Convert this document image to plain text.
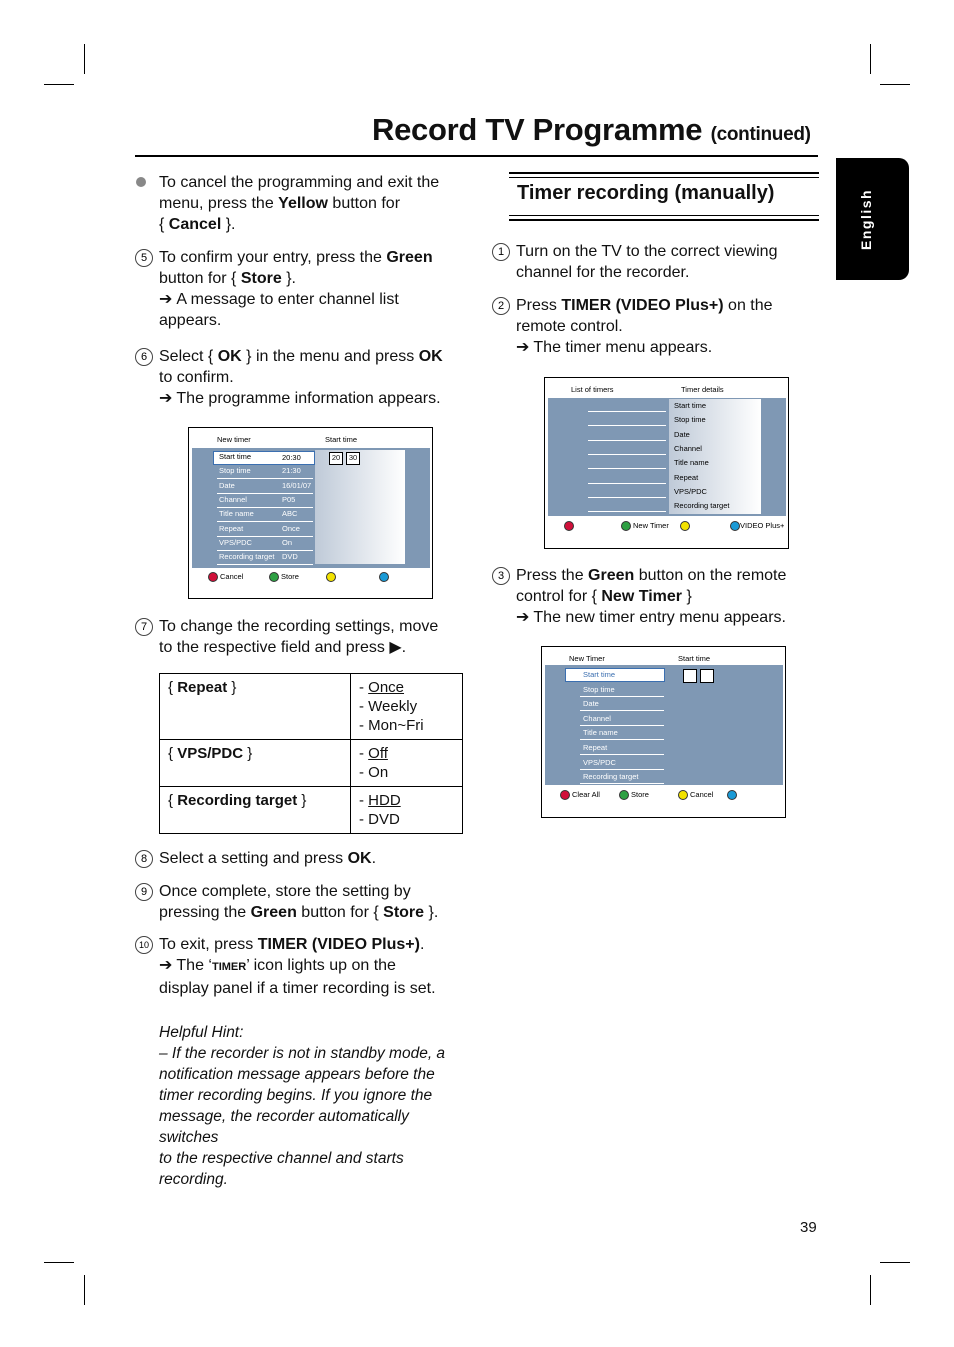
Record TV Programme (continued)
English
To cancel the programming and exit the
menu, press the Yellow button for
{ Cancel }.
5 To confirm your entry, press the Green
button for { Store }.
➔ A message to enter channel list
appears.
6 Select { OK } in the menu and press OK
to confirm.
➔ The programme information appears.
New timer	Start time
20	30
Cancel	Store
Start time	20:30
Stop time	21:30
Date	16/01/07
Channel	P05
Title name	ABC
Repeat	Once
VPS/PDC	On
Recording target DVD
7 To change the recording settings, move
to the respective field and press ▶.
{ Repeat }	- Once
- Weekly
- Mon~Fri
{ VPS/PDC }	- Off
- On
{ Recording target }	- HDD
- DVD
8 Select a setting and press OK.
9 Once complete, store the setting by
pressing the Green button for { Store }.
10 To exit, press TIMER (VIDEO Plus+).
➔ The ‘TIMER’ icon lights up on the
display panel if a timer recording is set.
Helpful Hint:
– If the recorder is not in standby mode, a
notification message appears before the
timer recording begins. If you ignore the
message, the recorder automatically switches
to the respective channel and starts
recording.
Timer recording (manually)
1 Turn on the TV to the correct viewing
channel for the recorder.
2 Press TIMER (VIDEO Plus+) on the
remote control.
➔ The timer menu appears.
List of timers	Timer details
New Timer	VIDEO Plus+
Start time
Stop time
Date
Channel
Title name
Repeat
VPS/PDC
Recording target
3 Press the Green button on the remote
control for { New Timer }
➔ The new timer entry menu appears.
New Timer	Start time
Clear All	Store	Cancel
Start time
Stop time
Date
Channel
Title name
Repeat
VPS/PDC
Recording target
39
